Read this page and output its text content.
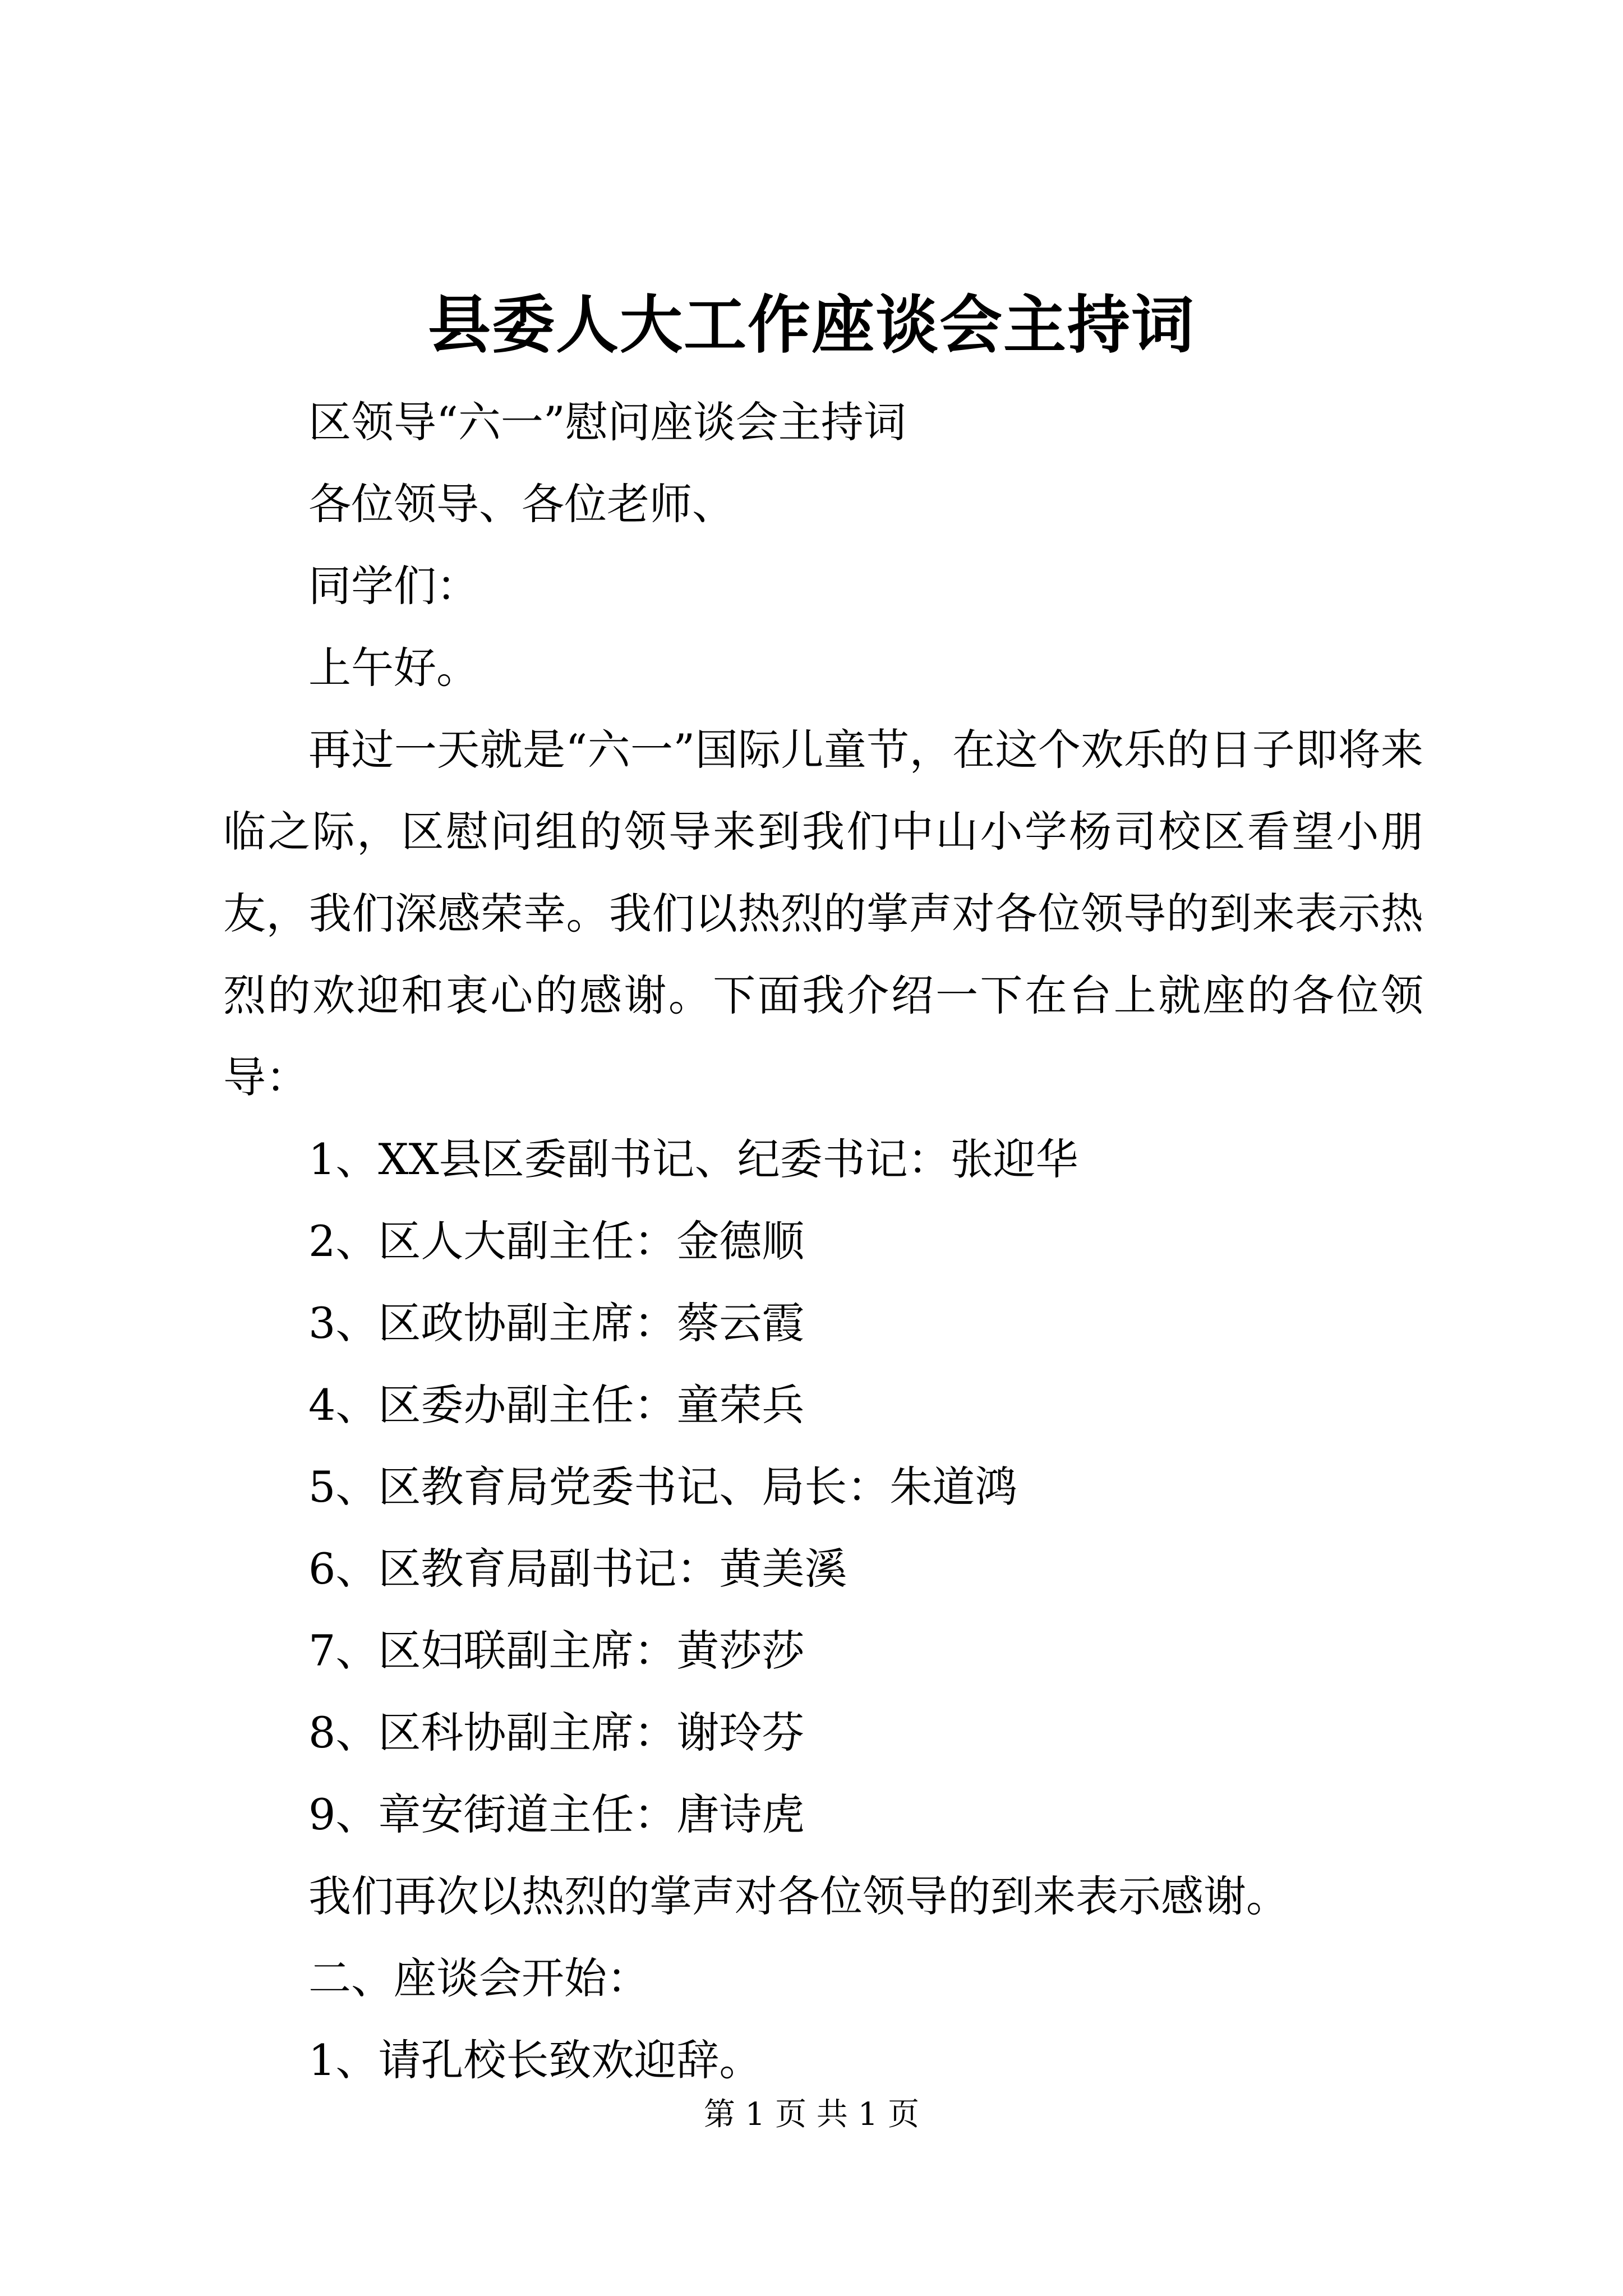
县委人大工作座谈会主持词

区领导“六一”慰问座谈会主持词

各位领导、各位老师、

同学们：

上午好。

再过一天就是“六一”国际儿童节，在这个欢乐的日子即将来临之际，区慰问组的领导来到我们中山小学杨司校区看望小朋友，我们深感荣幸。我们以热烈的掌声对各位领导的到来表示热烈的欢迎和衷心的感谢。下面我介绍一下在台上就座的各位领导：

1、XX县区委副书记、纪委书记：张迎华

2、区人大副主任：金德顺

3、区政协副主席：蔡云霞

4、区委办副主任：童荣兵

5、区教育局党委书记、局长：朱道鸿

6、区教育局副书记：黄美溪

7、区妇联副主席：黄莎莎

8、区科协副主席：谢玲芬

9、章安街道主任：唐诗虎

我们再次以热烈的掌声对各位领导的到来表示感谢。

二、座谈会开始：

1、请孔校长致欢迎辞。

第 1 页 共 1 页
